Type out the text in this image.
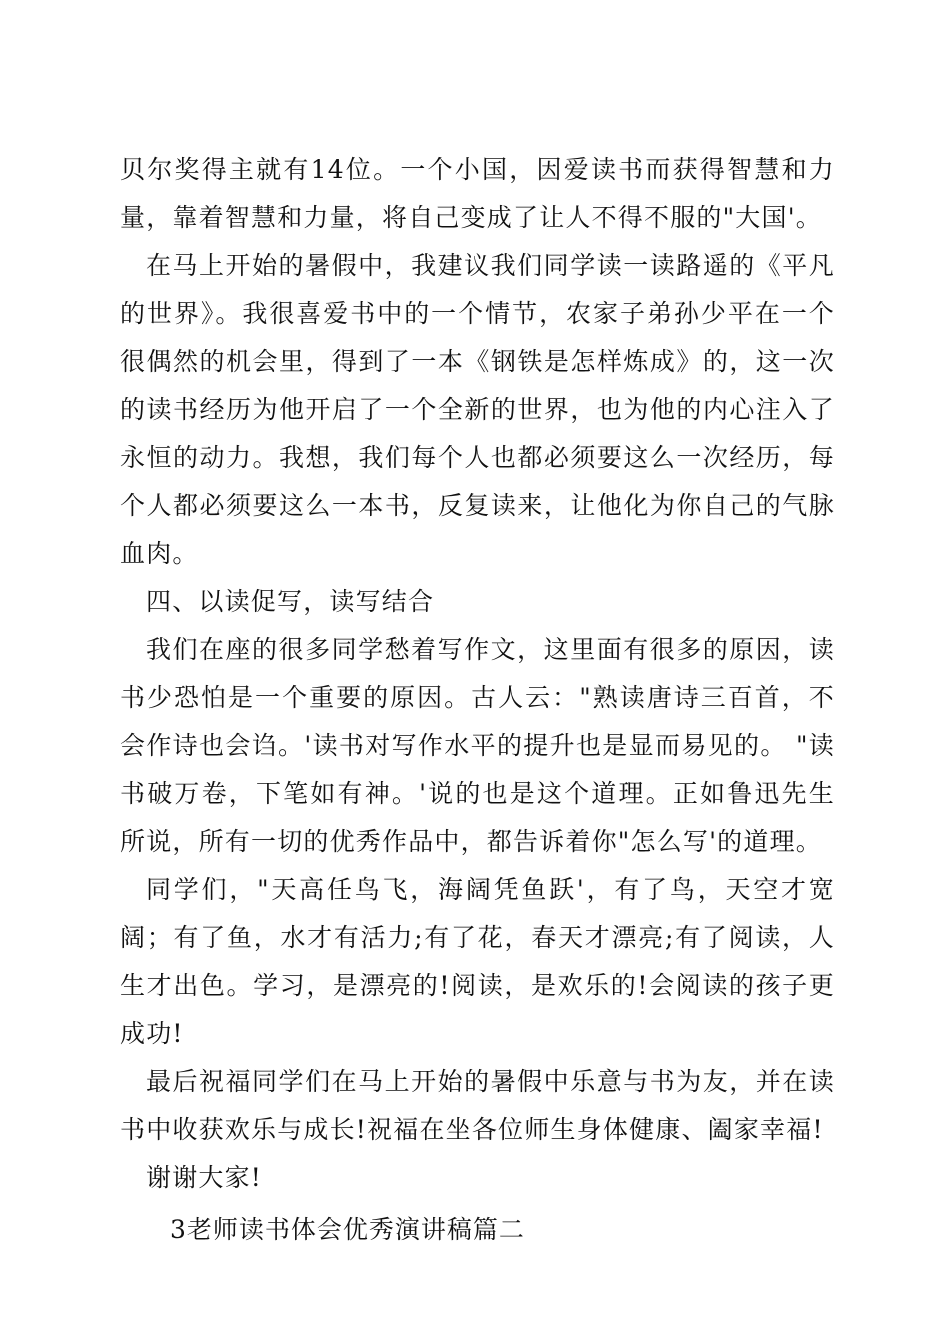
贝尔奖得主就有14位。一个小国，因爱读书而获得智慧和力量，靠着智慧和力量，将自己变成了让人不得不服的"大国'。

在马上开始的暑假中，我建议我们同学读一读路遥的《平凡的世界》。我很喜爱书中的一个情节，农家子弟孙少平在一个很偶然的机会里，得到了一本《钢铁是怎样炼成》的，这一次的读书经历为他开启了一个全新的世界，也为他的内心注入了永恒的动力。我想，我们每个人也都必须要这么一次经历，每个人都必须要这么一本书，反复读来，让他化为你自己的气脉血肉。

四、以读促写，读写结合

我们在座的很多同学愁着写作文，这里面有很多的原因，读书少恐怕是一个重要的原因。古人云："熟读唐诗三百首，不会作诗也会诌。'读书对写作水平的提升也是显而易见的。 "读书破万卷，下笔如有神。'说的也是这个道理。正如鲁迅先生所说，所有一切的优秀作品中，都告诉着你"怎么写'的道理。

同学们，"天高任鸟飞，海阔凭鱼跃'，有了鸟，天空才宽阔；有了鱼，水才有活力;有了花，春天才漂亮;有了阅读，人生才出色。学习，是漂亮的!阅读，是欢乐的!会阅读的孩子更成功!

最后祝福同学们在马上开始的暑假中乐意与书为友，并在读书中收获欢乐与成长!祝福在坐各位师生身体健康、阖家幸福!

谢谢大家!

3老师读书体会优秀演讲稿篇二
